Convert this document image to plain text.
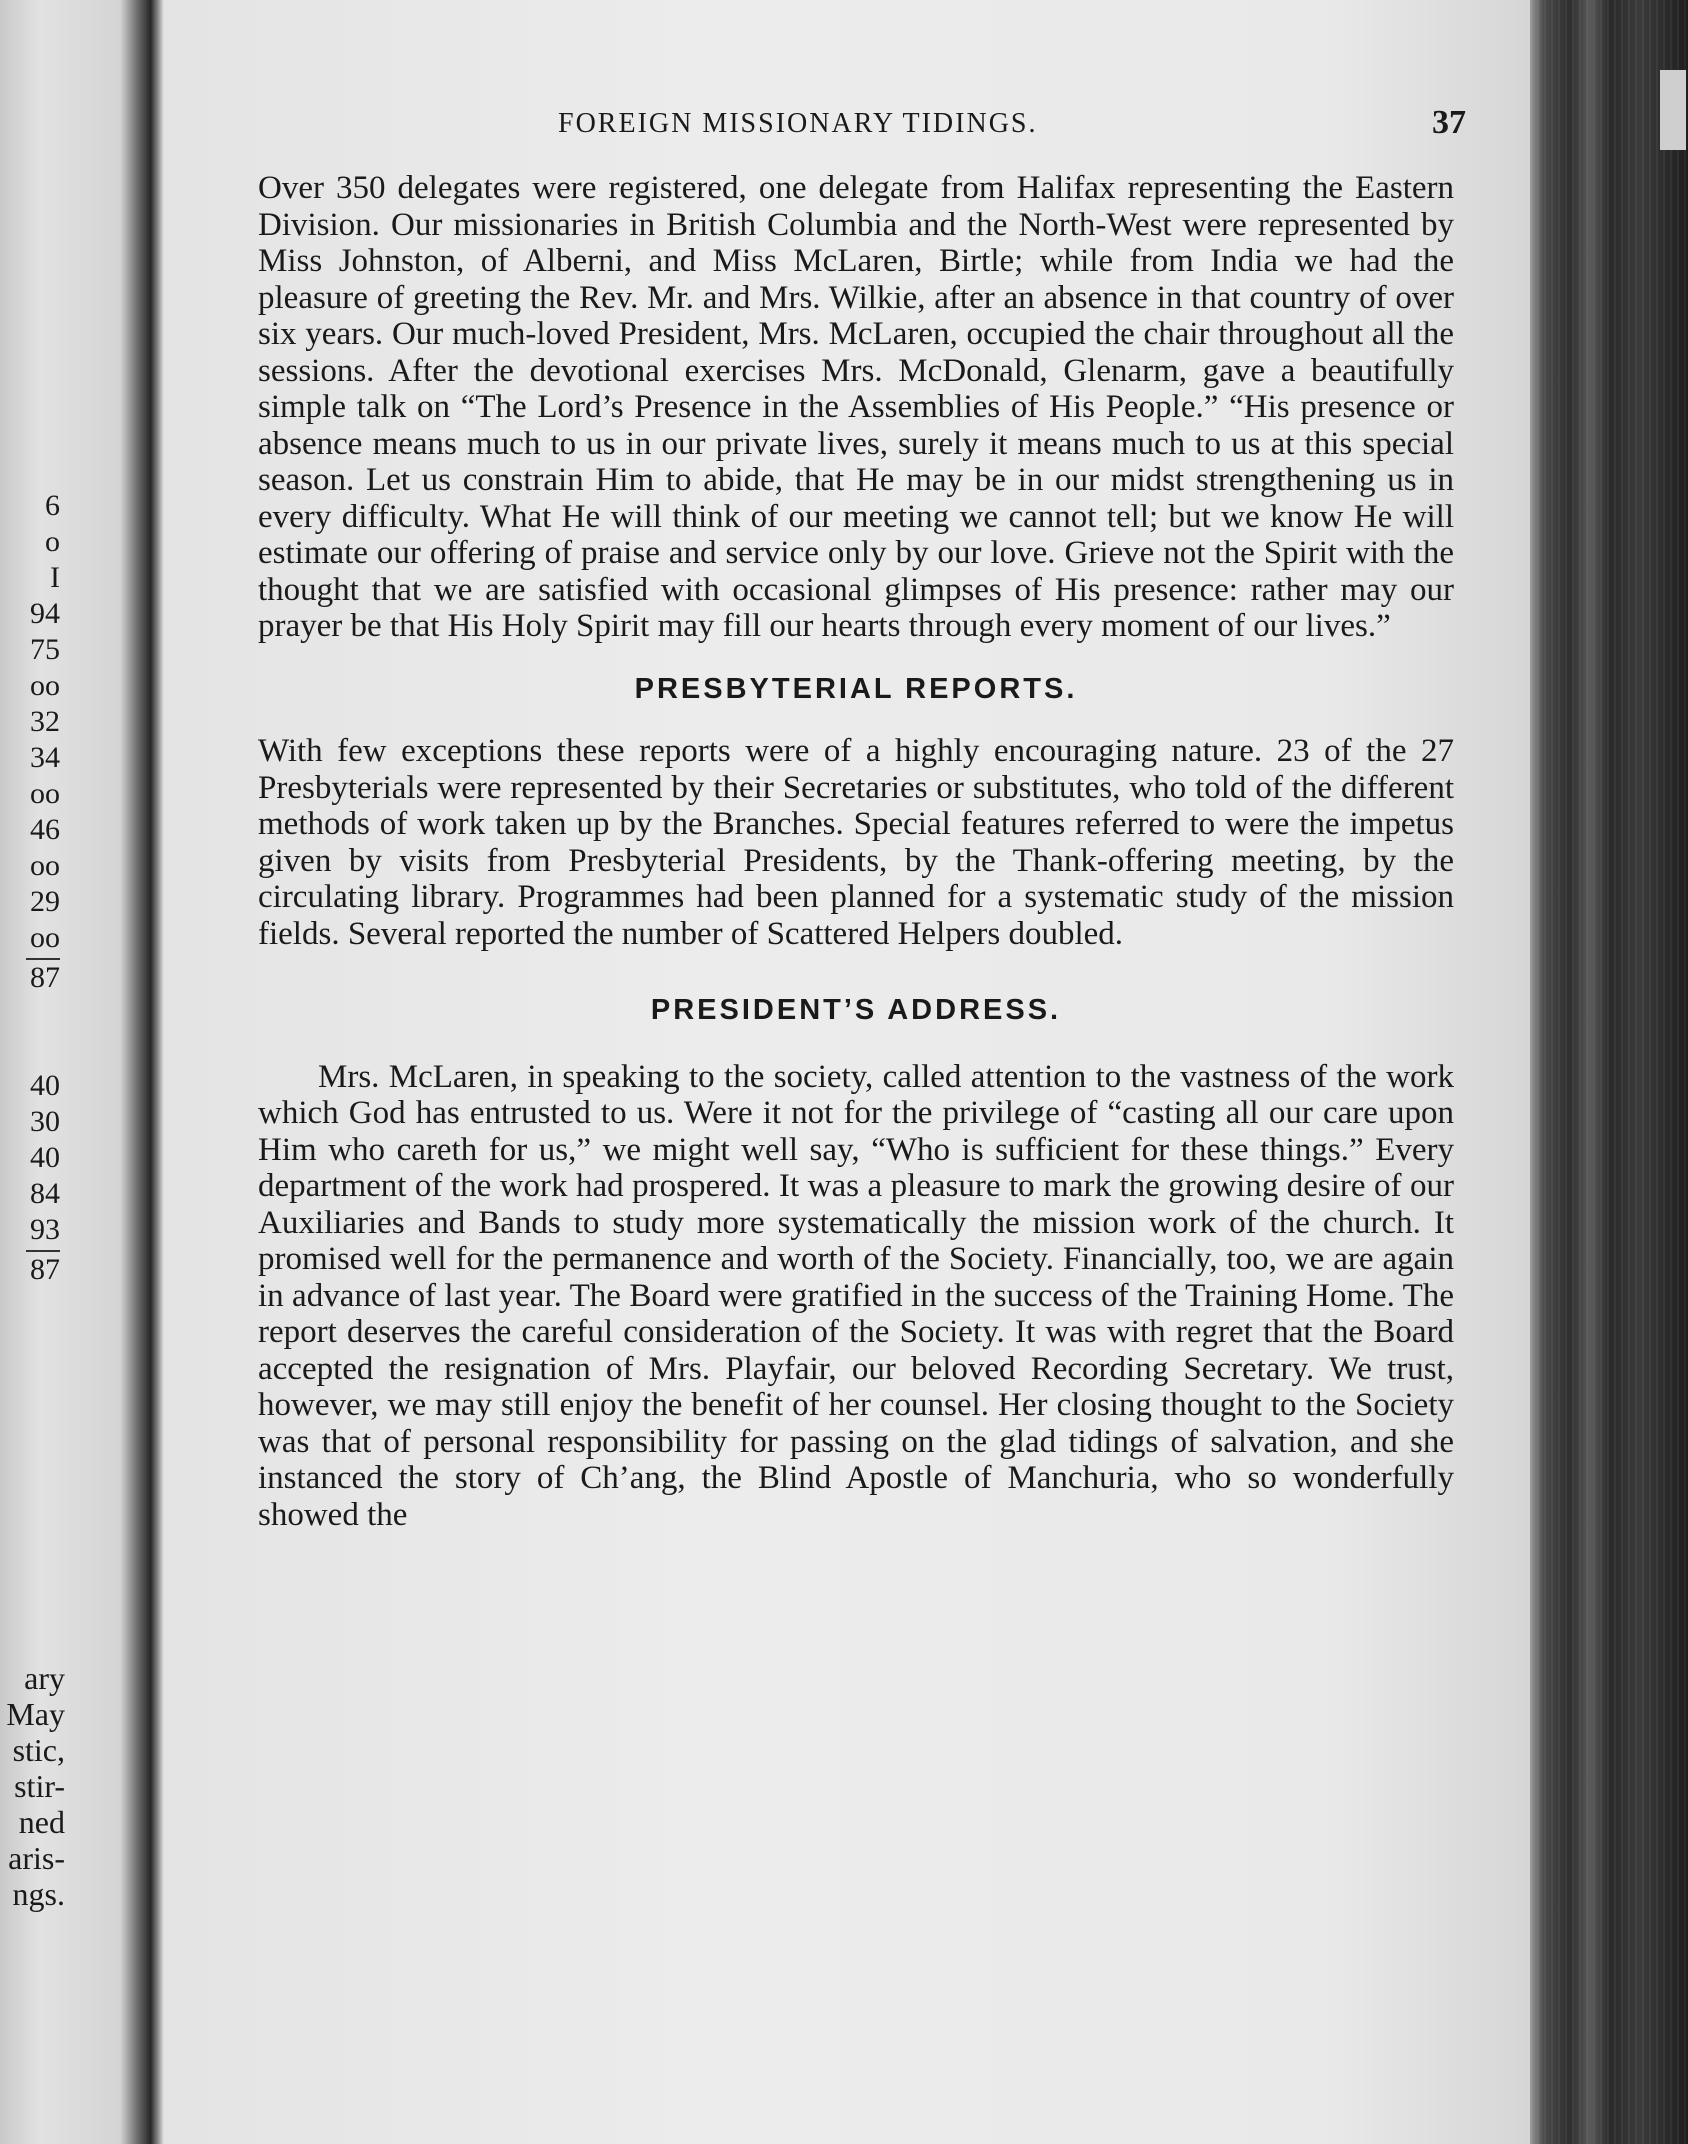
6
o
I
94
75
oo
32
34
oo
46
oo
29
oo
87
40
30
40
84
93
87
ary
May
stic,
stir-
ned
aris-
ngs.
FOREIGN MISSIONARY TIDINGS.	37

Over 350 delegates were registered, one delegate from Halifax representing the Eastern Division. Our missionaries in British Columbia and the North-West were represented by Miss Johnston, of Alberni, and Miss McLaren, Birtle; while from India we had the pleasure of greeting the Rev. Mr. and Mrs. Wilkie, after an absence in that country of over six years. Our much-loved President, Mrs. McLaren, occupied the chair throughout all the sessions. After the devotional exercises Mrs. McDonald, Glenarm, gave a beautifully simple talk on “The Lord’s Presence in the Assemblies of His People.” “His presence or absence means much to us in our private lives, surely it means much to us at this special season. Let us constrain Him to abide, that He may be in our midst strengthening us in every difficulty. What He will think of our meeting we cannot tell; but we know He will estimate our offering of praise and service only by our love. Grieve not the Spirit with the thought that we are satisfied with occasional glimpses of His presence: rather may our prayer be that His Holy Spirit may fill our hearts through every moment of our lives.”

PRESBYTERIAL REPORTS.

With few exceptions these reports were of a highly encouraging nature. 23 of the 27 Presbyterials were represented by their Secretaries or substitutes, who told of the different methods of work taken up by the Branches. Special features referred to were the impetus given by visits from Presbyterial Presidents, by the Thank-offering meeting, by the circulating library. Programmes had been planned for a systematic study of the mission fields. Several reported the number of Scattered Helpers doubled.

PRESIDENT’S ADDRESS.

Mrs. McLaren, in speaking to the society, called attention to the vastness of the work which God has entrusted to us. Were it not for the privilege of “casting all our care upon Him who careth for us,” we might well say, “Who is sufficient for these things.” Every department of the work had prospered. It was a pleasure to mark the growing desire of our Auxiliaries and Bands to study more systematically the mission work of the church. It promised well for the permanence and worth of the Society. Financially, too, we are again in advance of last year. The Board were gratified in the success of the Training Home. The report deserves the careful consideration of the Society. It was with regret that the Board accepted the resignation of Mrs. Playfair, our beloved Recording Secretary. We trust, however, we may still enjoy the benefit of her counsel. Her closing thought to the Society was that of personal responsibility for passing on the glad tidings of salvation, and she instanced the story of Ch’ang, the Blind Apostle of Manchuria, who so wonderfully showed the
